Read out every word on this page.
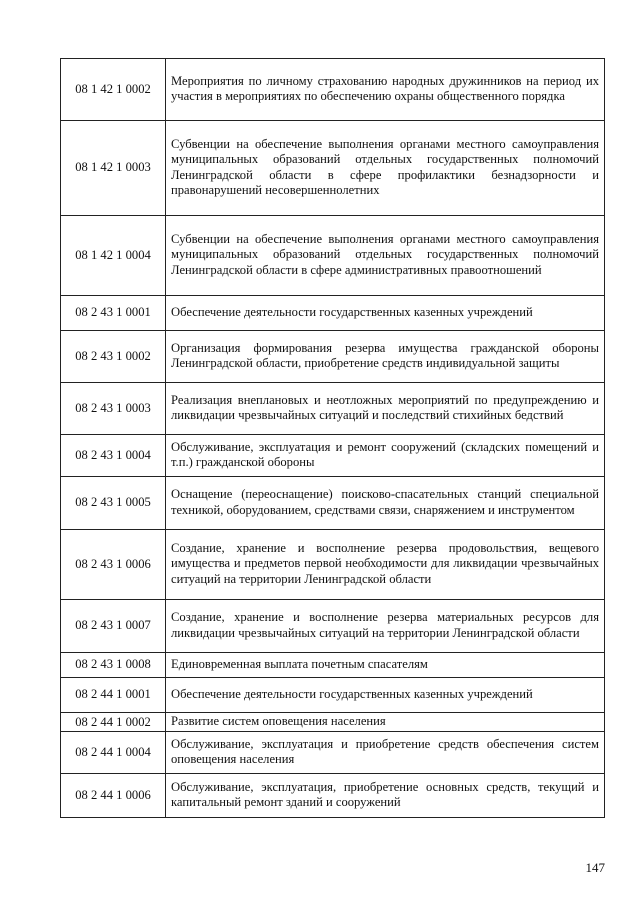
08 1 42 1 0002	Мероприятия по личному страхованию народных дружинников на период их участия в мероприятиях по обеспечению охраны общественного порядка
08 1 42 1 0003	Субвенции на обеспечение выполнения органами местного самоуправления муниципальных образований отдельных государственных полномочий Ленинградской области в сфере профилактики безнадзорности и правонарушений несовершеннолетних
08 1 42 1 0004	Субвенции на обеспечение выполнения органами местного самоуправления муниципальных образований отдельных государственных полномочий Ленинградской области в сфере административных правоотношений
08 2 43 1 0001	Обеспечение деятельности государственных казенных учреждений
08 2 43 1 0002	Организация формирования резерва имущества гражданской обороны Ленинградской области, приобретение средств индивидуальной защиты
08 2 43 1 0003	Реализация внеплановых и неотложных мероприятий по предупреждению и ликвидации чрезвычайных ситуаций и последствий стихийных бедствий
08 2 43 1 0004	Обслуживание, эксплуатация и ремонт сооружений (складских помещений и т.п.) гражданской обороны
08 2 43 1 0005	Оснащение (переоснащение) поисково-спасательных станций специальной техникой, оборудованием, средствами связи, снаряжением и инструментом
08 2 43 1 0006	Создание, хранение и восполнение резерва продовольствия, вещевого имущества и предметов первой необходимости для ликвидации чрезвычайных ситуаций на территории Ленинградской области
08 2 43 1 0007	Создание, хранение и восполнение резерва материальных ресурсов для ликвидации чрезвычайных ситуаций на территории Ленинградской области
08 2 43 1 0008	Единовременная выплата почетным спасателям
08 2 44 1 0001	Обеспечение деятельности государственных казенных учреждений
08 2 44 1 0002	Развитие систем оповещения населения
08 2 44 1 0004	Обслуживание, эксплуатация и приобретение средств обеспечения систем оповещения населения
08 2 44 1 0006	Обслуживание, эксплуатация, приобретение основных средств, текущий и капитальный ремонт зданий и сооружений
147
